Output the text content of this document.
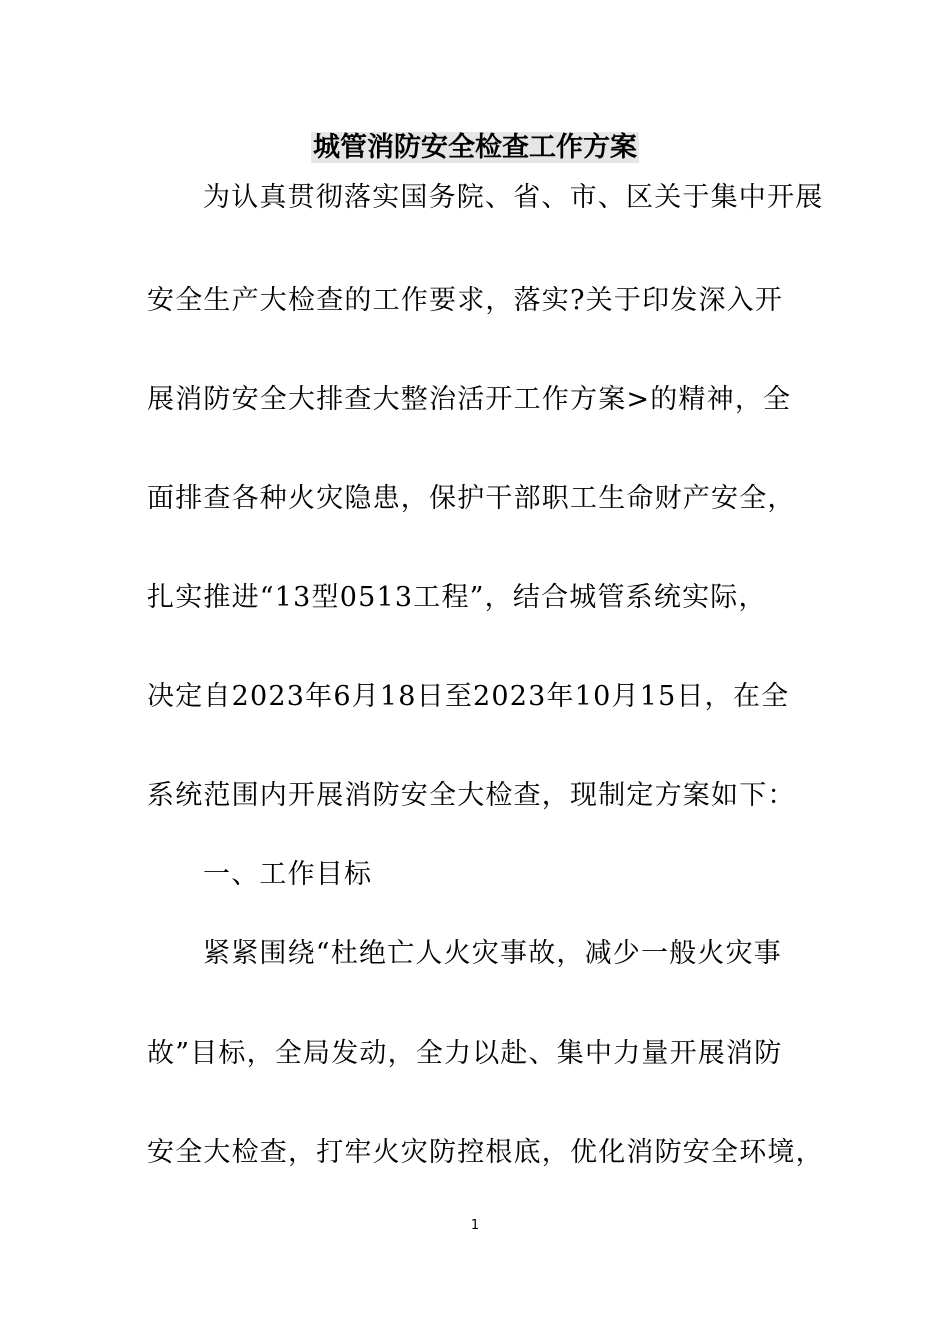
城管消防安全检查工作方案

为认真贯彻落实国务院、省、市、区关于集中开展

安全生产大检查的工作要求，落实?关于印发深入开

展消防安全大排查大整治活开工作方案>的精神，全

面排查各种火灾隐患，保护干部职工生命财产安全，

扎实推进“13型0513工程”，结合城管系统实际，

决定自2023年6月18日至2023年10月15日，在全

系统范围内开展消防安全大检查，现制定方案如下：

一、工作目标

紧紧围绕“杜绝亡人火灾事故，减少一般火灾事

故”目标，全局发动，全力以赴、集中力量开展消防

安全大检查，打牢火灾防控根底，优化消防安全环境，

1
